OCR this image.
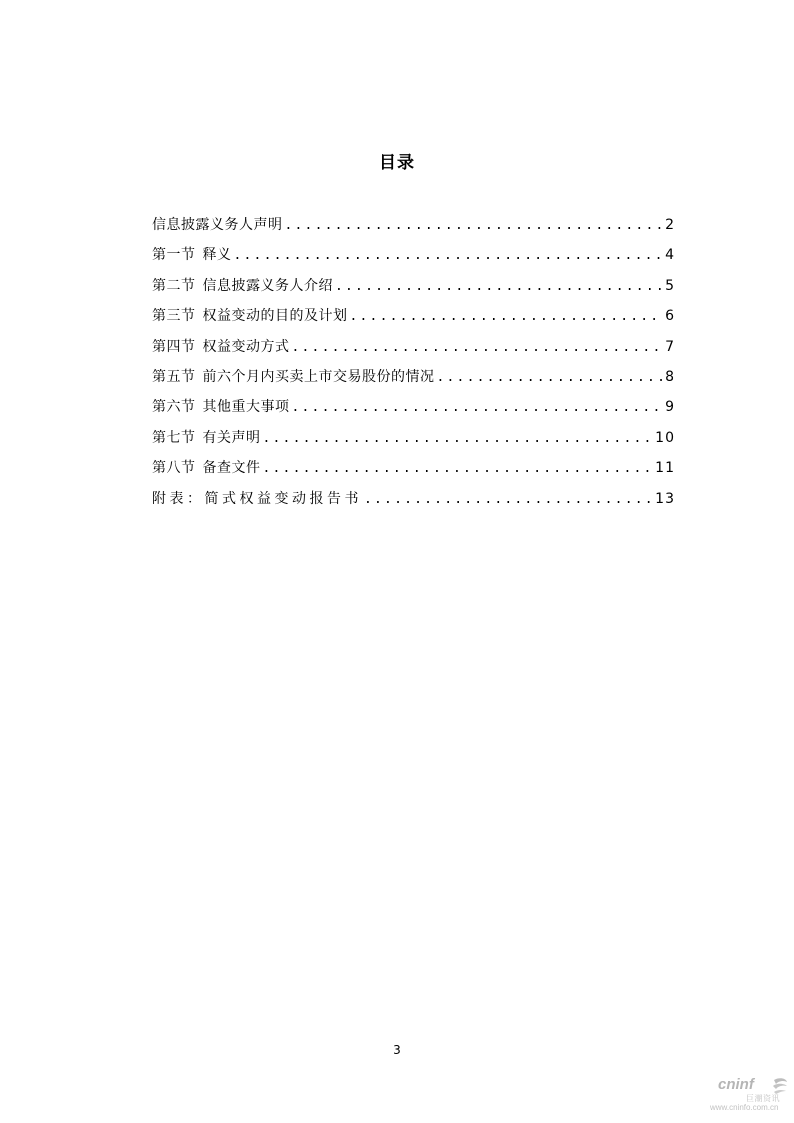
目录
信息披露义务人声明 .....	2
第一节 释义 .....	4
第二节 信息披露义务人介绍 .....	5
第三节 权益变动的目的及计划 .....	6
第四节 权益变动方式 .....	7
第五节 前六个月内买卖上市交易股份的情况 .....	8
第六节 其他重大事项 .....	9
第七节 有关声明 .....	10
第八节 备查文件 .....	11
附表：简式权益变动报告书 .....	13
3
cninf
巨潮资讯
www.cninfo.com.cn
